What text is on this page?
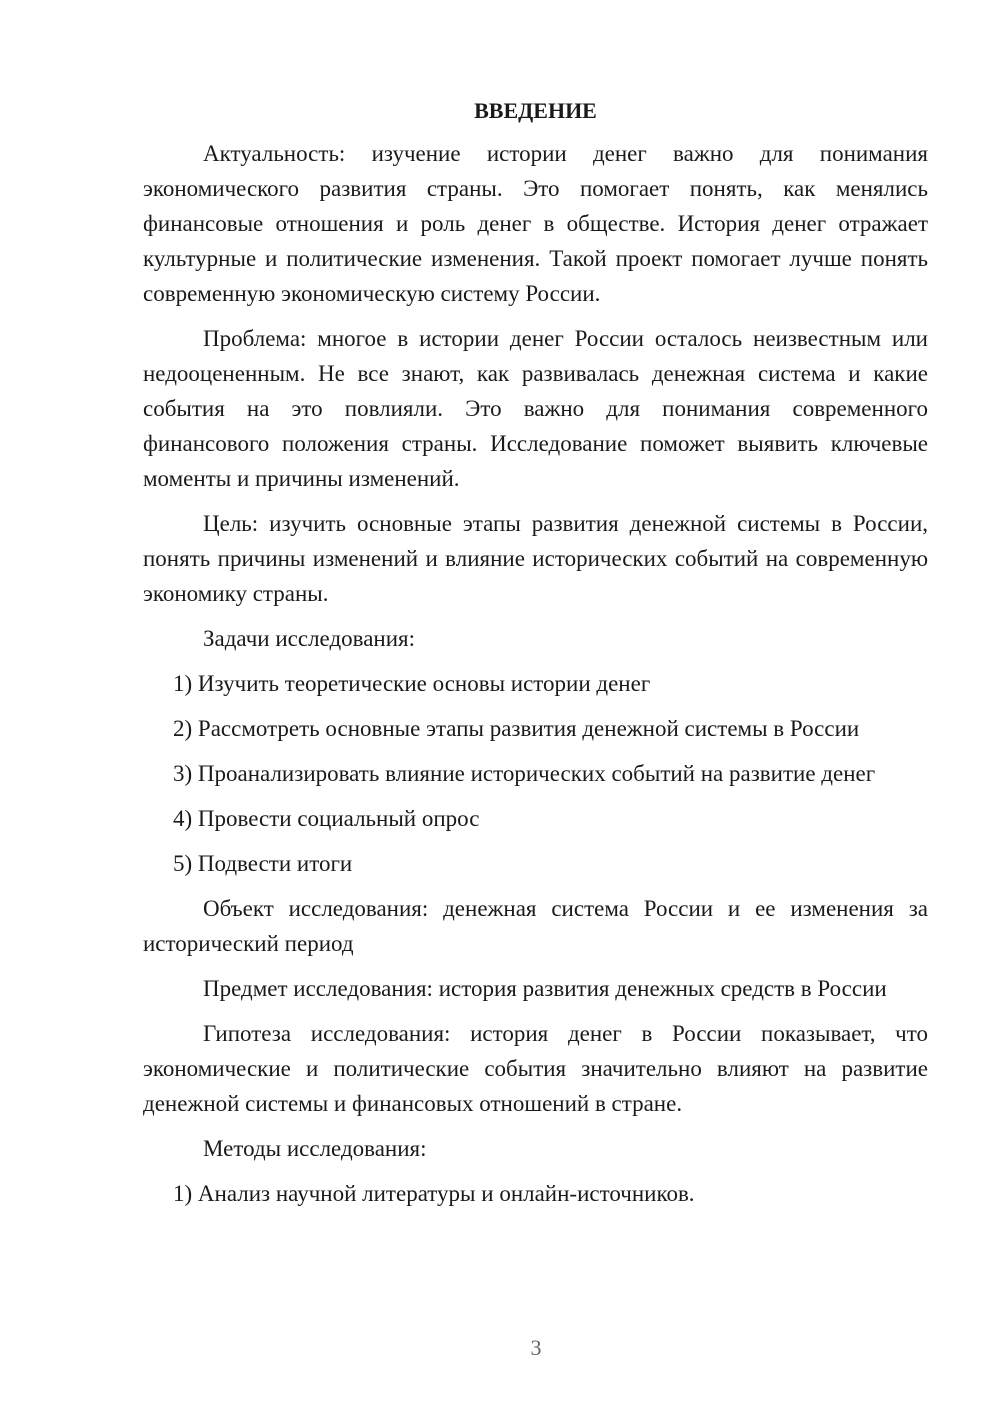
ВВЕДЕНИЕ

Актуальность: изучение истории денег важно для понимания экономического развития страны. Это помогает понять, как менялись финансовые отношения и роль денег в обществе. История денег отражает культурные и политические изменения. Такой проект помогает лучше понять современную экономическую систему России.

Проблема: многое в истории денег России осталось неизвестным или недооцененным. Не все знают, как развивалась денежная система и какие события на это повлияли. Это важно для понимания современного финансового положения страны. Исследование поможет выявить ключевые моменты и причины изменений.

Цель: изучить основные этапы развития денежной системы в России, понять причины изменений и влияние исторических событий на современную экономику страны.

Задачи исследования:

1) Изучить теоретические основы истории денег

2) Рассмотреть основные этапы развития денежной системы в России

3) Проанализировать влияние исторических событий на развитие денег

4) Провести социальный опрос

5) Подвести итоги

Объект исследования: денежная система России и ее изменения за исторический период

Предмет исследования: история развития денежных средств в России

Гипотеза исследования: история денег в России показывает, что экономические и политические события значительно влияют на развитие денежной системы и финансовых отношений в стране.

Методы исследования:

1) Анализ научной литературы и онлайн-источников.

3
